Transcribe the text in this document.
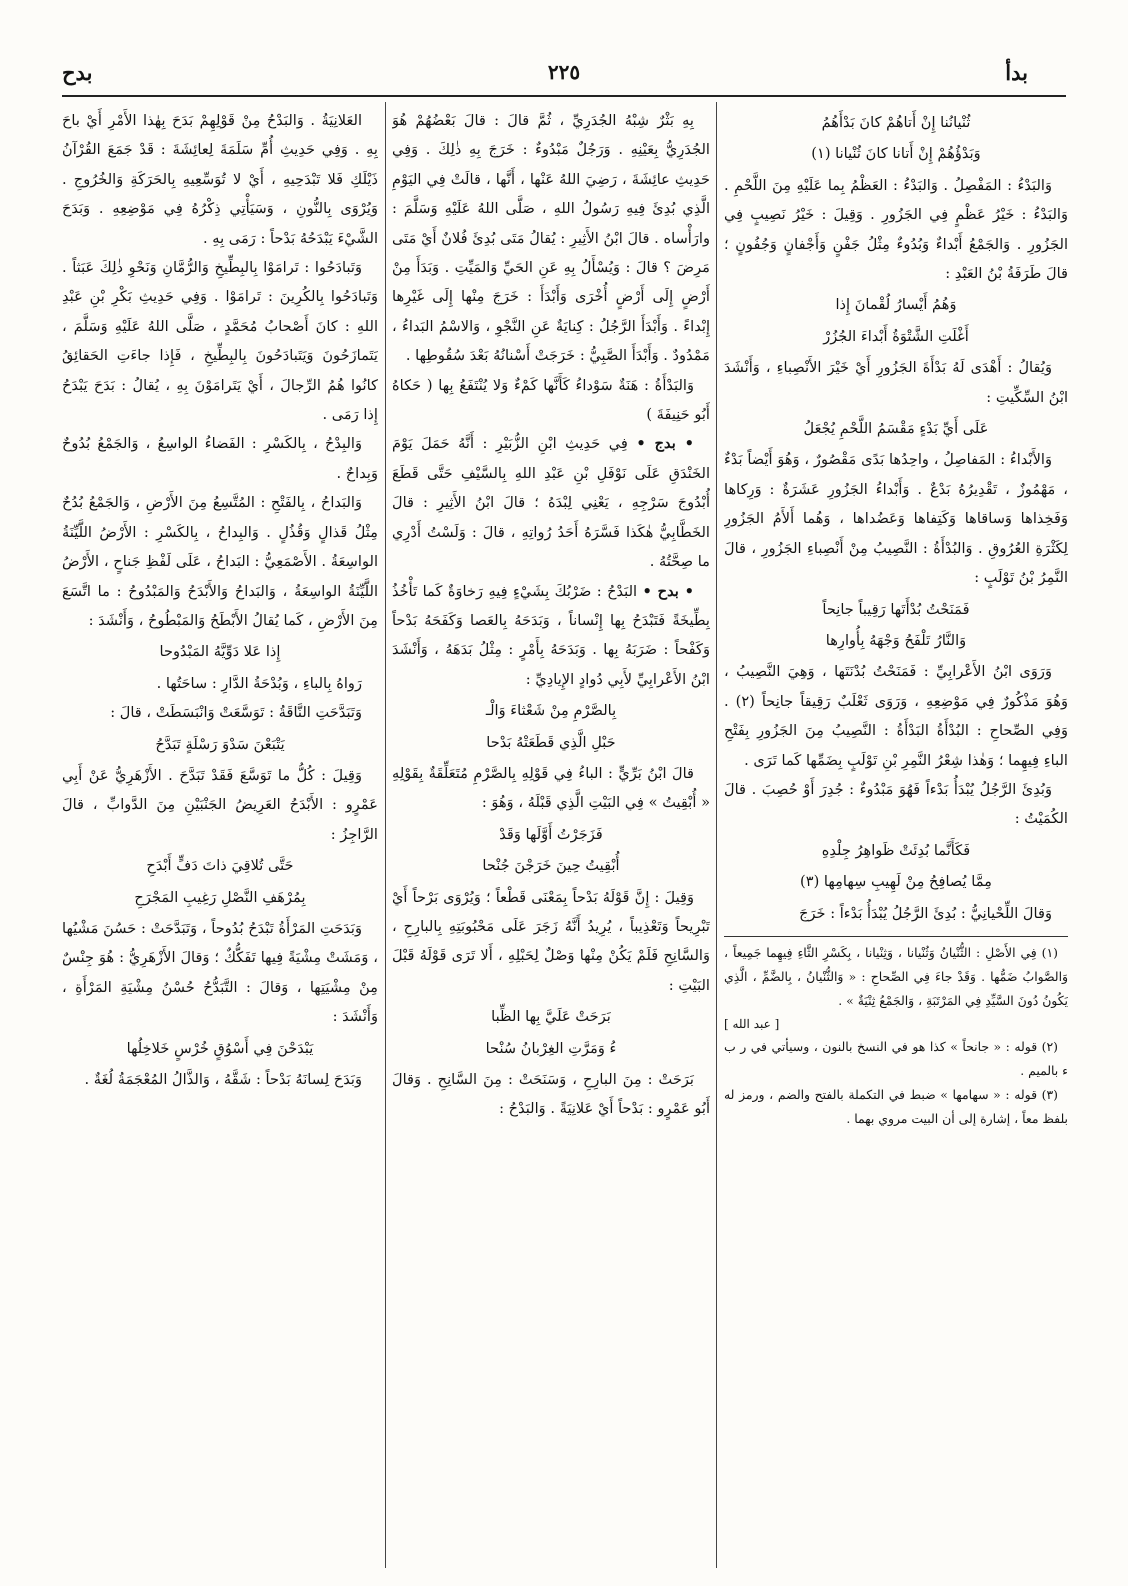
بدأ
٢٢٥
بدح

ثُنْيانُنا إِنْ أَتاهُمْ كانَ بَدْأَهُمُ

وَبَدْؤُهُمْ إِنْ أَتانا كانَ ثُنْيانا (١)

وَالبَدْءُ : المَفْصِلُ . وَالبَدْءُ : العَظْمُ بِما عَلَيْهِ مِنَ اللَّحْمِ . وَالبَدْءُ : خَيْرُ عَظْمٍ فِي الجَزُورِ . وَقِيلَ : خَيْرُ نَصِيبٍ فِي الجَزُورِ . وَالجَمْعُ أَبْداءٌ وَبُدُوءٌ مِثْلُ جَفْنٍ وَأَجْفانٍ وَجُفُونٍ ؛ قالَ طَرَفَةُ بْنُ العَبْدِ :

وَهُمُ أَيْسارُ لُقْمانَ إِذا

أَغْلَتِ الشَّتْوَةُ أَبْداءَ الجُزُرْ

وَيُقالُ : أَهْدَى لَهُ بَدْأَةَ الجَزُورِ أَيْ خَيْرَ الأَنْصِباءِ ، وَأَنْشَدَ ابْنُ السِّكِّيتِ :

عَلَى أَيِّ بَدْءٍ مَقْسَمُ اللَّحْمِ يُجْعَلُ

وَالأَبْداءُ : المَفاصِلُ ، واحِدُها بَدًى مَقْصُورٌ ، وَهُوَ أَيْضاً بَدْءٌ ، مَهْمُوزٌ ، تَقْدِيرُهُ بَدْعٌ . وَأَبْداءُ الجَزُورِ عَشَرَةٌ : وَرِكاها وَفَخِذاها وَساقاها وَكَتِفاها وَعَضُداها ، وَهُما أَلأَمُ الجَزُورِ لِكَثْرَةِ العُرُوقِ . وَالبُدْأَةُ : النَّصِيبُ مِنْ أَنْصِباءِ الجَزُورِ ، قالَ النَّمِرُ بْنُ تَوْلَبٍ :

فَمَنَحْتُ بُدْأَتَها رَقِيباً جانِحاً

وَالنَّارُ تَلْفَحُ وَجْهَهُ بِأُوارِها

وَرَوَى ابْنُ الأَعْرابِيِّ : فَمَنَحْتُ بُدْنَتَها ، وَهِيَ النَّصِيبُ ، وَهُوَ مَذْكُورٌ فِي مَوْضِعِهِ ، وَرَوَى ثَعْلَبٌ رَقِيقاً جانِحاً (٢) . وَفِي الصِّحاحِ : البُدْأَةُ البَدْأَةُ : النَّصِيبُ مِنَ الجَزُورِ بِفَتْحِ الباءِ فِيهِما ؛ وَهٰذا شِعْرُ النَّمِرِ بْنِ تَوْلَبٍ بِضَمِّها كَما تَرَى .

وَبُدِئَ الرَّجُلُ يُبْدَأُ بَدْءاً فَهُوَ مَبْدُوءٌ : جُدِرَ أَوْ حُصِبَ . قالَ الكُمَيْتُ :

فَكَأَنَّما بُدِئَتْ ظَواهِرُ جِلْدِهِ

مِمَّا يُصافِحُ مِنْ لَهِيبِ سِهامِها (٣)

وَقالَ اللِّحْيانِيُّ : بُدِئَ الرَّجُلُ يُبْدَأُ بَدْءاً : خَرَجَ

(١) فِي الأَصْلِ : الثُّنْيانُ وَثُنْيانا ، وَثِنْيانا ، بِكَسْرِ الثَّاءِ فِيهِما جَمِيعاً ، وَالصَّوابُ ضَمُّها . وَقَدْ جاءَ فِي الصِّحاحِ : « وَالثُّنْيانُ ، بِالضَّمِّ ، الَّذِي يَكُونُ دُونَ السَّيِّدِ فِي المَرْتَبَةِ ، وَالجَمْعُ ثِنْيَةٌ » .

[ عبد الله ]

(٢) قوله : « جانحاً » كذا هو في النسخ بالنون ، وسيأتي في ر ب ء بالميم .

(٣) قوله : « سهامها » ضبط في التكملة بالفتح والضم ، ورمز له بلفظ معاً ، إشارة إلى أن البيت مروي بهما .

بِهِ بَثْرٌ شِبْهُ الجُدَرِيِّ ، ثُمَّ قالَ : قالَ بَعْضُهُمْ هُوَ الجُدَرِيُّ بِعَيْنِهِ . وَرَجُلٌ مَبْدُوءٌ : خَرَجَ بِهِ ذٰلِكَ . وَفِي حَدِيثِ عائِشَةَ ، رَضِيَ اللهُ عَنْها ، أَنَّها ، قالَتْ فِي اليَوْمِ الَّذِي بُدِئَ فِيهِ رَسُولُ اللهِ ، صَلَّى اللهُ عَلَيْهِ وَسَلَّمَ : وارَأْساه . قالَ ابْنُ الأَثِيرِ : يُقالُ مَتَى بُدِئَ فُلانٌ أَيْ مَتَى مَرِضَ ؟ قالَ : وَيُسْأَلُ بِهِ عَنِ الحَيِّ وَالمَيِّتِ . وَبَدَأَ مِنْ أَرْضٍ إِلَى أَرْضٍ أُخْرَى وَأَبْدَأَ : خَرَجَ مِنْها إِلَى غَيْرِها إِبْداءً . وَأَبْدَأَ الرَّجُلُ : كِنايَةٌ عَنِ النَّجْوِ ، وَالاسْمُ البَداءُ ، مَمْدُودٌ . وَأَبْدَأَ الصَّبِيُّ : خَرَجَتْ أَسْنانُهُ بَعْدَ سُقُوطِها .

وَالبَدْأَةُ : هَنَةٌ سَوْداءُ كَأَنَّها كَمْءٌ وَلا يُنْتَفَعُ بِها ( حَكاهُ أَبُو حَنِيفَةَ )

• بدج • فِي حَدِيثِ ابْنِ الزُّبَيْرِ : أَنَّهُ حَمَلَ يَوْمَ الخَنْدَقِ عَلَى نَوْفَلِ بْنِ عَبْدِ اللهِ بِالسَّيْفِ حَتَّى قَطَعَ أُبْدُوجَ سَرْجِهِ ، يَعْنِي لِبْدَهُ ؛ قالَ ابْنُ الأَثِيرِ : قالَ الخَطَّابِيُّ هٰكَذا فَسَّرَهُ أَحَدُ رُواتِهِ ، قالَ : وَلَسْتُ أَدْرِي ما صِحَّتُهُ .

• بدح • البَدْحُ : ضَرْبُكَ بِشَيْءٍ فِيهِ رَخاوَةٌ كَما تَأْخُذُ بِطِّيخَةً فَتَبْدَحُ بِها إِنْساناً ، وَبَدَحَهُ بِالعَصا وَكَفَحَهُ بَدْحاً وَكَفْحاً : ضَرَبَهُ بِها . وَبَدَحَهُ بِأَمْرٍ : مِثْلُ بَدَهَهُ ، وَأَنْشَدَ ابْنُ الأَعْرابِيِّ لأَبِي دُوادٍ الإِيادِيِّ :

بِالصَّرْمِ مِنْ شَعْثاءَ وَالْـ

حَبْلِ الَّذِي قَطَعَتْهُ بَدْحا

قالَ ابْنُ بَرِّيٍّ : الباءُ فِي قَوْلِهِ بِالصَّرْمِ مُتَعَلِّقَةٌ بِقَوْلِهِ « أُبْقِيتُ » فِي البَيْتِ الَّذِي قَبْلَهُ ، وَهُوَ :

فَزَجَرْتُ أَوَّلَها وَقَدْ

أُبْقِيتُ حِينَ خَرَجْنَ جُنْحا

وَقِيلَ : إِنَّ قَوْلَهُ بَدْحاً بِمَعْنَى قَطْعاً ؛ وَيُرْوَى بَرْحاً أَيْ تَبْرِيحاً وَتَعْذِيباً ، يُرِيدُ أَنَّهُ زَجَرَ عَلَى مَحْبُوبَتِهِ بِالبارِحِ ، وَالسَّانِحِ فَلَمْ يَكُنْ مِنْها وَصْلٌ لِحَبْلِهِ ، أَلا تَرَى قَوْلَهُ قَبْلَ البَيْتِ :

بَرَحَتْ عَلَيَّ بِها الظِّبا

ءُ وَمَرَّتِ الغِرْبانُ سُنْحا

بَرَحَتْ : مِنَ البارِحِ ، وَسَنَحَتْ : مِنَ السَّانِحِ . وَقالَ أَبُو عَمْرٍو : بَدْحاً أَيْ عَلانِيَةً . وَالبَدْحُ :

العَلانِيَةُ . وَالبَدْحُ مِنْ قَوْلِهِمْ بَدَحَ بِهٰذا الأَمْرِ أَيْ باحَ بِهِ . وَفِي حَدِيثِ أُمِّ سَلَمَةَ لِعائِشَةَ : قَدْ جَمَعَ القُرْآنُ ذَيْلَكِ فَلا تَبْدَحِيهِ ، أَيْ لا تُوَسِّعِيهِ بِالحَرَكَةِ وَالخُرُوجِ . وَيُرْوَى بِالنُّونِ ، وَسَيَأْتِي ذِكْرُهُ فِي مَوْضِعِهِ . وَبَدَحَ الشَّيْءَ يَبْدَحُهُ بَدْحاً : رَمَى بِهِ .

وَتَبادَحُوا : تَرامَوْا بِالبِطِّيخِ وَالرُّمَّانِ وَنَحْوِ ذٰلِكَ عَبَثاً . وَتَبادَحُوا بِالكُرِينَ : تَرامَوْا . وَفِي حَدِيثِ بَكْرِ بْنِ عَبْدِ اللهِ : كانَ أَصْحابُ مُحَمَّدٍ ، صَلَّى اللهُ عَلَيْهِ وَسَلَّمَ ، يَتَمازَحُونَ وَيَتَبادَحُونَ بِالبِطِّيخِ ، فَإِذا جاءَتِ الحَقائِقُ كانُوا هُمُ الرِّجالَ ، أَيْ يَتَرامَوْنَ بِهِ ، يُقالُ : بَدَحَ يَبْدَحُ إِذا رَمَى .

وَالبِدْحُ ، بِالكَسْرِ : الفَضاءُ الواسِعُ ، وَالجَمْعُ بُدُوحٌ وَبِداحٌ .

وَالبَداحُ ، بِالفَتْحِ : المُتَّسِعُ مِنَ الأَرْضِ ، وَالجَمْعُ بُدُحٌ مِثْلُ قَذالٍ وَقُذُلٍ . وَالبِداحُ ، بِالكَسْرِ : الأَرْضُ اللَّيِّنَةُ الواسِعَةُ . الأَصْمَعِيُّ : البَداحُ ، عَلَى لَفْظِ جَناحٍ ، الأَرْضُ اللَّيِّنَةُ الواسِعَةُ ، وَالبَداحُ وَالأَبْدَحُ وَالمَبْدُوحُ : ما اتَّسَعَ مِنَ الأَرْضِ ، كَما يُقالُ الأَبْطَحُ وَالمَبْطُوحُ ، وَأَنْشَدَ :

إِذا عَلا دَوِّيَّهُ المَبْدُوحا

رَواهُ بِالباءِ ، وَبُدْحَةُ الدَّارِ : ساحَتُها .

وَتَبَدَّحَتِ النَّاقَةُ : تَوَسَّعَتْ وَانْبَسَطَتْ ، قالَ :

يَتْبَعْنَ سَدْوَ رَسْلَةٍ تَبَدَّحُ

وَقِيلَ : كُلُّ ما تَوَسَّعَ فَقَدْ تَبَدَّحَ . الأَزْهَرِيُّ عَنْ أَبِي عَمْرٍو : الأَبْدَحُ العَرِيضُ الجَنْبَيْنِ مِنَ الدَّوابِّ ، قالَ الرَّاجِزُ :

حَتَّى تُلاقِيَ ذاتَ دَفٍّ أَبْدَحِ

بِمُرْهَفِ النَّصْلِ رَغِيبِ المَجْرَحِ

وَبَدَحَتِ المَرْأَةُ تَبْدَحُ بُدُوحاً ، وَتَبَدَّحَتْ : حَسُنَ مَشْيُها ، وَمَشَتْ مِشْيَةً فِيها تَفَكُّكٌ ؛ وَقالَ الأَزْهَرِيُّ : هُوَ جِنْسٌ مِنْ مِشْيَتِها ، وَقالَ : التَّبَدُّحُ حُسْنُ مِشْيَةِ المَرْأَةِ ، وَأَنْشَدَ :

يَبْدَحْنَ فِي أَسْوُقٍ خُرْسٍ خَلاخِلُها

وَبَدَحَ لِسانَهُ بَدْحاً : شَقَّهُ ، وَالذَّالُ المُعْجَمَةُ لُغَةٌ .
